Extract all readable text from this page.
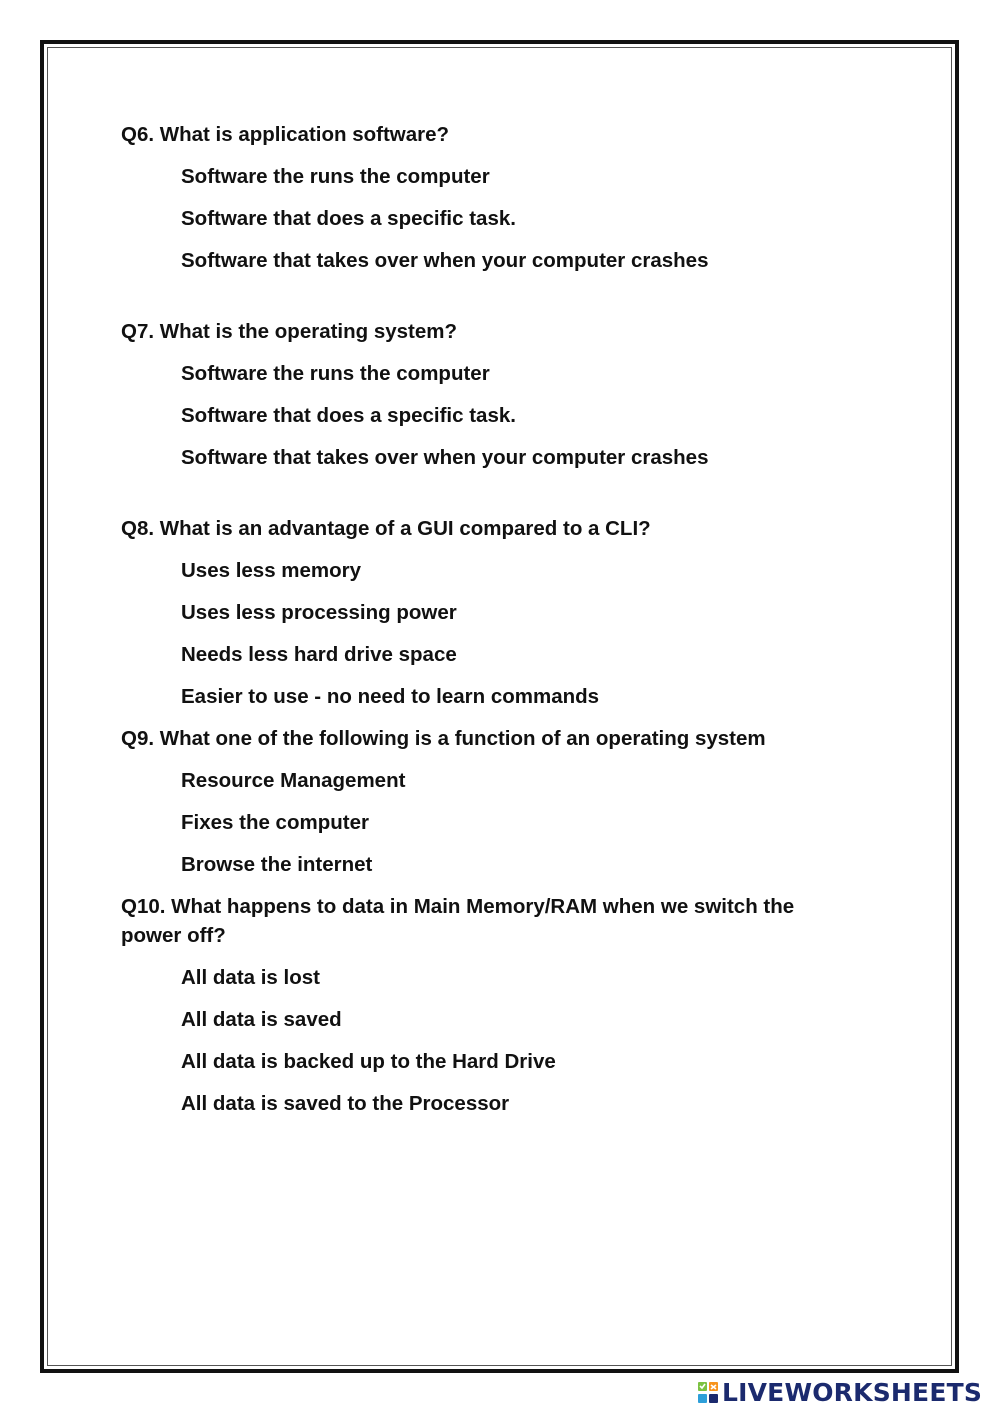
Q6. What is application software?

Software the runs the computer
Software that does a specific task.
Software that takes over when your computer crashes

Q7. What is the operating system?

Software the runs the computer
Software that does a specific task.
Software that takes over when your computer crashes

Q8. What is an advantage of a GUI compared to a CLI?

Uses less memory
Uses less processing power
Needs less hard drive space
Easier to use - no need to learn commands

Q9. What one of the following is a function of an operating system

Resource Management
Fixes the computer
Browse the internet

Q10. What happens to data in Main Memory/RAM when we switch the power off?

All data is lost
All data is saved
All data is backed up to the Hard Drive
All data is saved to the Processor
LIVEWORKSHEETS
